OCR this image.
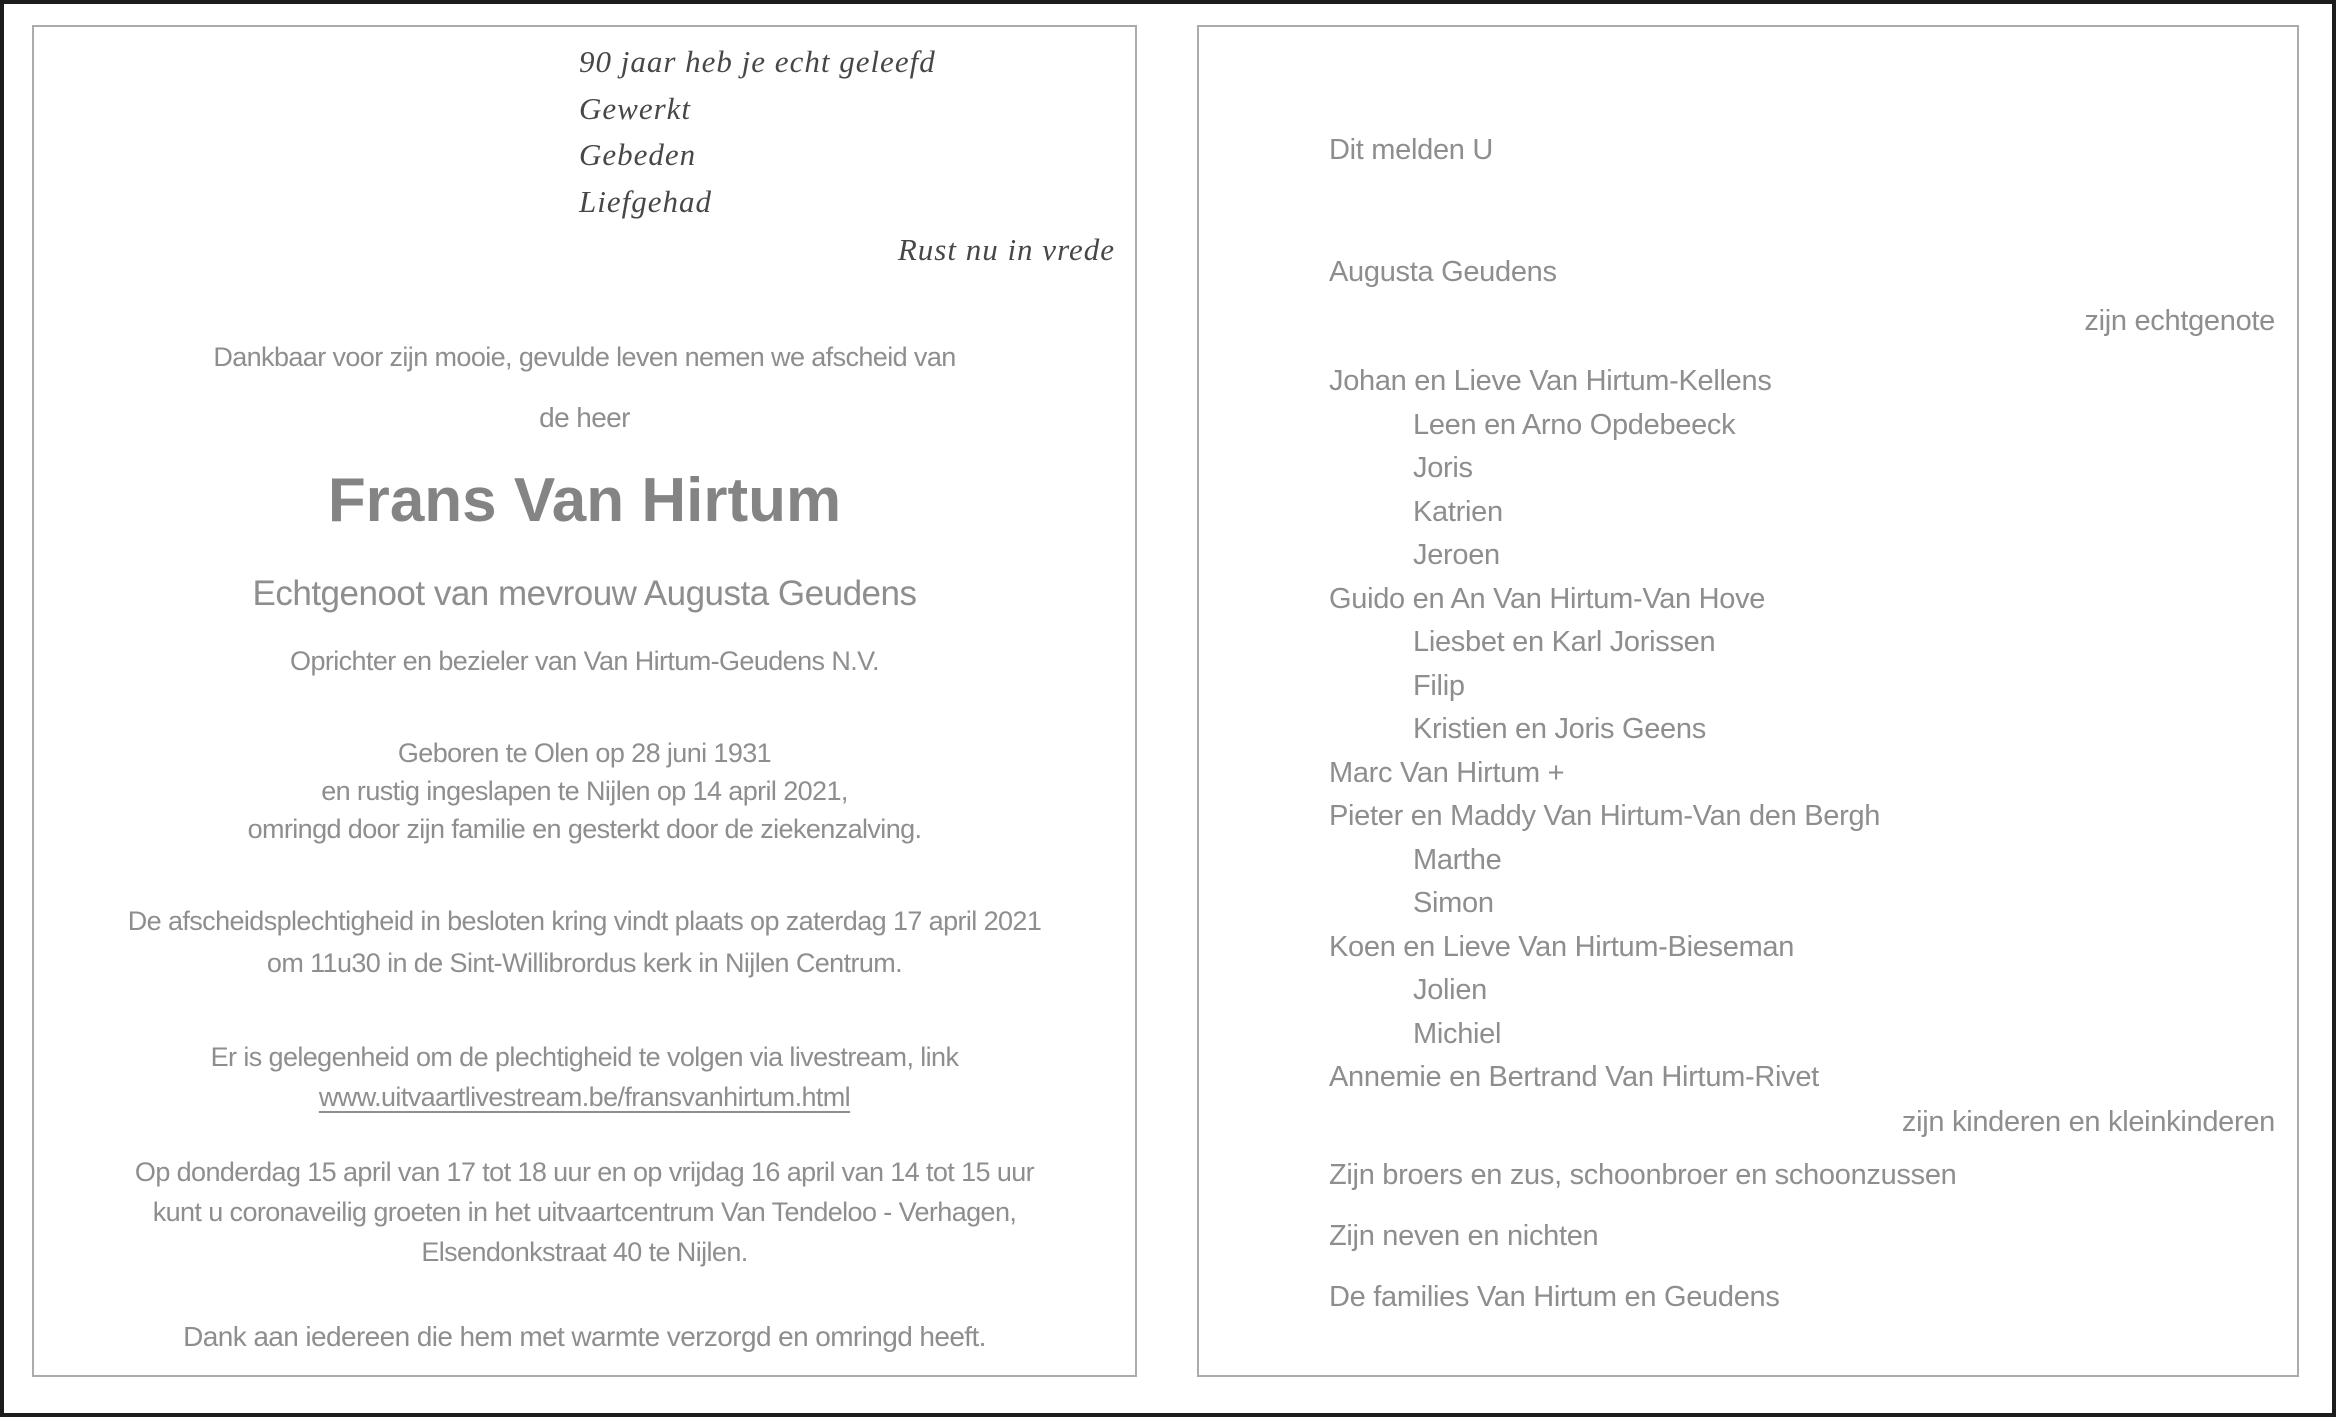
90 jaar heb je echt geleefd
Gewerkt
Gebeden
Liefgehad
Rust nu in vrede
Dankbaar voor zijn mooie, gevulde leven nemen we afscheid van
de heer
Frans Van Hirtum
Echtgenoot van mevrouw Augusta Geudens
Oprichter en bezieler van Van Hirtum-Geudens N.V.
Geboren te Olen op 28 juni 1931
en rustig ingeslapen te Nijlen op 14 april 2021,
omringd door zijn familie en gesterkt door de ziekenzalving.
De afscheidsplechtigheid in besloten kring vindt plaats op zaterdag 17 april 2021
om 11u30 in de Sint-Willibrordus kerk in Nijlen Centrum.
Er is gelegenheid om de plechtigheid te volgen via livestream, link
www.uitvaartlivestream.be/fransvanhirtum.html
Op donderdag 15 april van 17 tot 18 uur en op vrijdag 16 april van 14 tot 15 uur
kunt u coronaveilig groeten in het uitvaartcentrum Van Tendeloo - Verhagen,
Elsendonkstraat 40 te Nijlen.
Dank aan iedereen die hem met warmte verzorgd en omringd heeft.
Dit melden U
Augusta Geudens
zijn echtgenote
Johan en Lieve Van Hirtum-Kellens
Leen en Arno Opdebeeck
Joris
Katrien
Jeroen
Guido en An Van Hirtum-Van Hove
Liesbet en Karl Jorissen
Filip
Kristien en Joris Geens
Marc Van Hirtum +
Pieter en Maddy Van Hirtum-Van den Bergh
Marthe
Simon
Koen en Lieve Van Hirtum-Bieseman
Jolien
Michiel
Annemie en Bertrand Van Hirtum-Rivet
zijn kinderen en kleinkinderen
Zijn broers en zus, schoonbroer en schoonzussen
Zijn neven en nichten
De families Van Hirtum en Geudens
